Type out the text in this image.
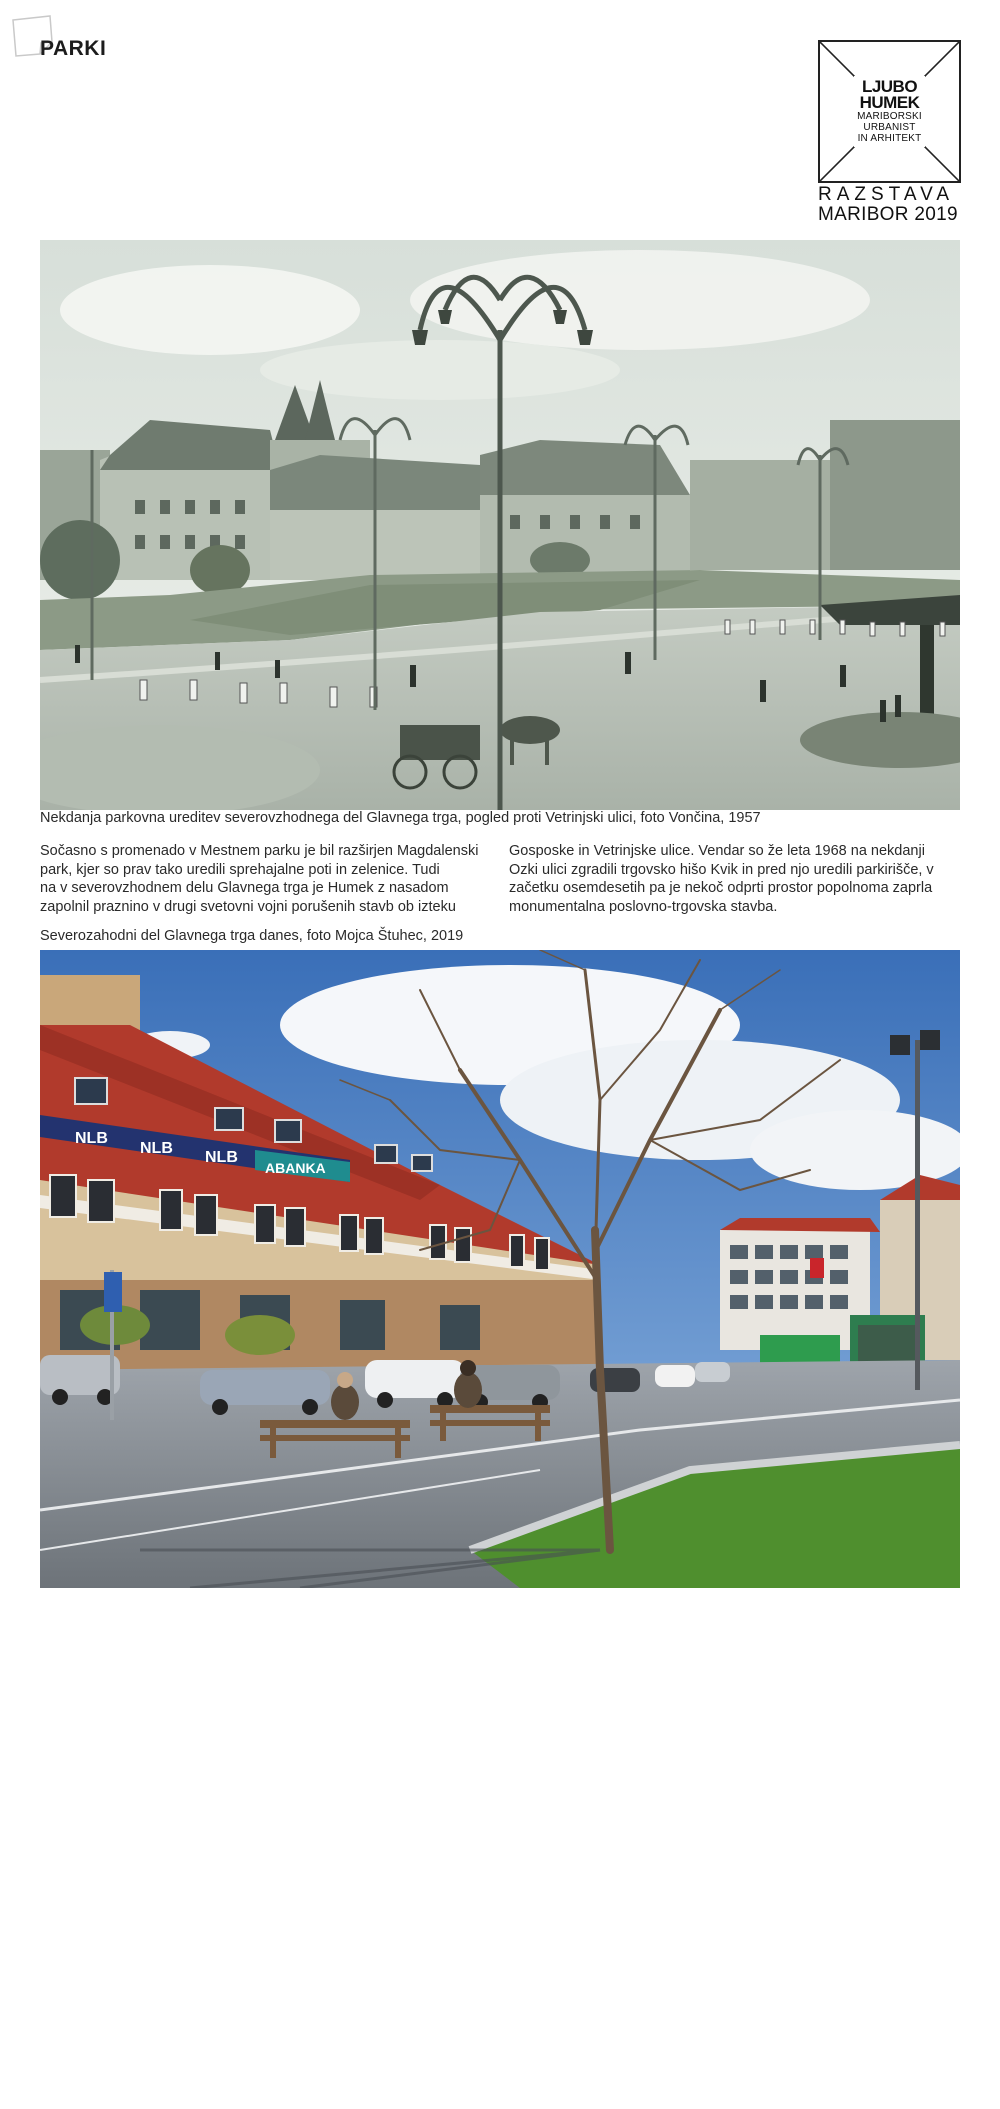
PARKI
LJUBO
HUMEK
MARIBORSKI
URBANIST
IN ARHITEKT
RAZSTAVA
MARIBOR 2019
Nekdanja parkovna ureditev severovzhodnega del Glavnega trga, pogled proti Vetrinjski ulici, foto Vončina, 1957

Sočasno s promenado v Mestnem parku je bil razširjen Magdalenski
park, kjer so prav tako uredili sprehajalne poti in zelenice. Tudi
na v severovzhodnem delu Glavnega trga je Humek z nasadom
zapolnil praznino v drugi svetovni vojni porušenih stavb ob izteku

Gosposke in Vetrinjske ulice. Vendar so že leta 1968 na nekdanji
Ozki ulici zgradili trgovsko hišo Kvik in pred njo uredili parkirišče, v
začetku osemdesetih pa je nekoč odprti prostor popolnoma zaprla
monumentalna poslovno-trgovska stavba.

Severozahodni del Glavnega trga danes, foto Mojca Štuhec, 2019
NLB
NLB
NLB
ABANKA
